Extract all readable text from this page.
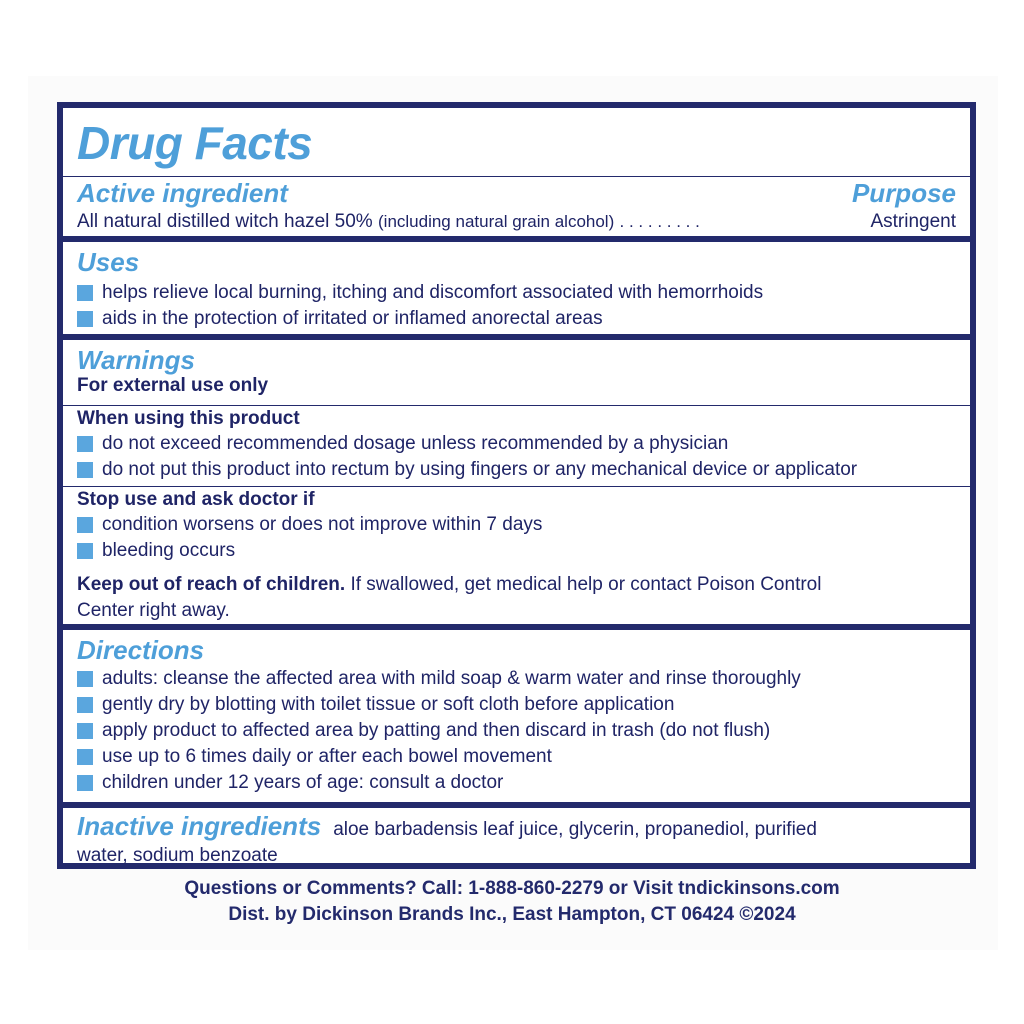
Drug Facts
Active ingredient	Purpose
All natural distilled witch hazel 50% (including natural grain alcohol) . . . . . . . . .	Astringent
Uses
helps relieve local burning, itching and discomfort associated with hemorrhoids
aids in the protection of irritated or inflamed anorectal areas
Warnings
For external use only
When using this product
do not exceed recommended dosage unless recommended by a physician
do not put this product into rectum by using fingers or any mechanical device or applicator
Stop use and ask doctor if
condition worsens or does not improve within 7 days
bleeding occurs
Keep out of reach of children. If swallowed, get medical help or contact Poison Control
Center right away.
Directions
adults: cleanse the affected area with mild soap & warm water and rinse thoroughly
gently dry by blotting with toilet tissue or soft cloth before application
apply product to affected area by patting and then discard in trash (do not flush)
use up to 6 times daily or after each bowel movement
children under 12 years of age: consult a doctor
Inactive ingredients aloe barbadensis leaf juice, glycerin, propanediol, purified
water, sodium benzoate
Questions or Comments? Call: 1-888-860-2279 or Visit tndickinsons.com
Dist. by Dickinson Brands Inc., East Hampton, CT 06424 ©2024
